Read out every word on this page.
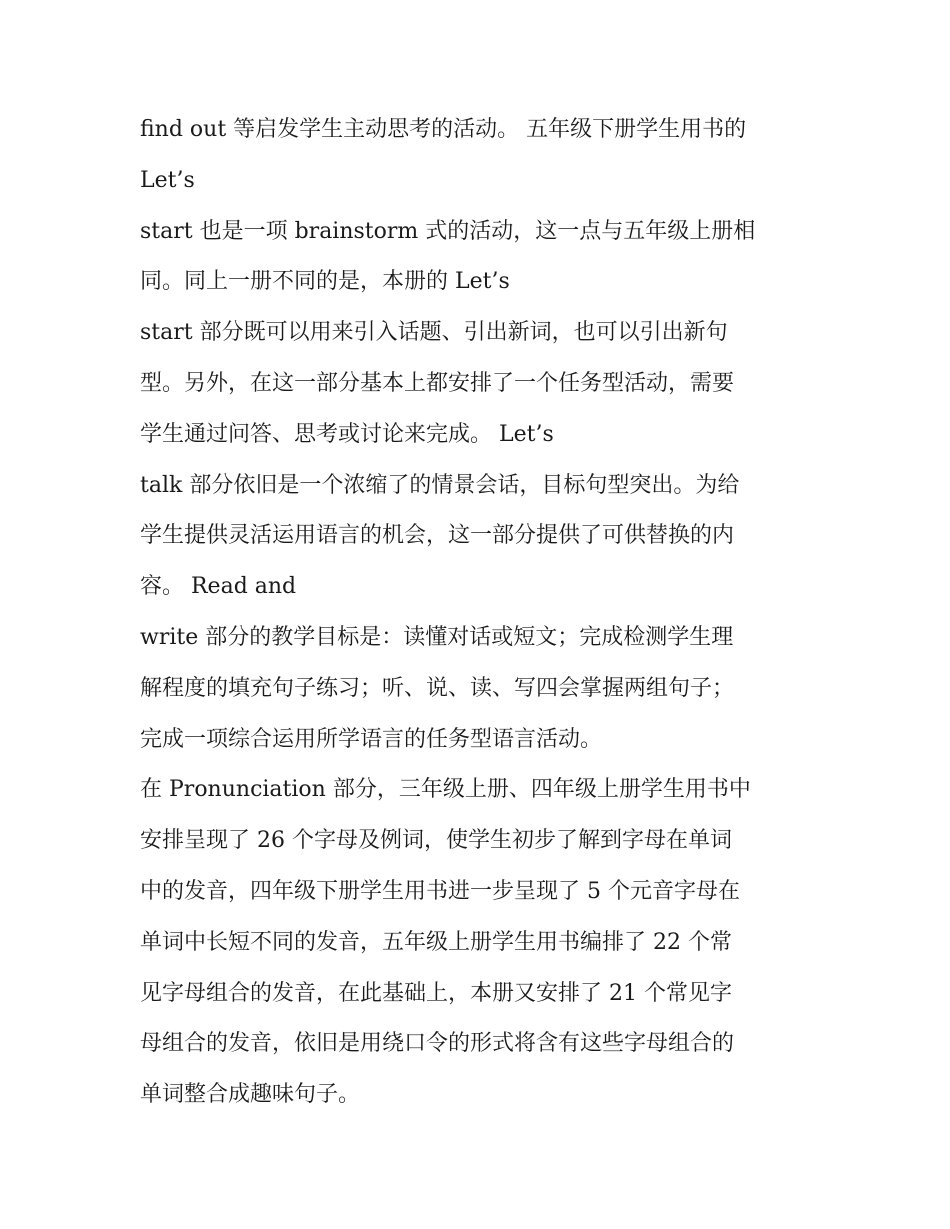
find out 等启发学生主动思考的活动。 五年级下册学生用书的
Let’s
start 也是一项 brainstorm 式的活动，这一点与五年级上册相
同。同上一册不同的是，本册的 Let’s
start 部分既可以用来引入话题、引出新词，也可以引出新句
型。另外，在这一部分基本上都安排了一个任务型活动，需要
学生通过问答、思考或讨论来完成。 Let’s
talk 部分依旧是一个浓缩了的情景会话，目标句型突出。为给
学生提供灵活运用语言的机会，这一部分提供了可供替换的内
容。 Read and
write 部分的教学目标是：读懂对话或短文；完成检测学生理
解程度的填充句子练习；听、说、读、写四会掌握两组句子；
完成一项综合运用所学语言的任务型语言活动。
在 Pronunciation 部分，三年级上册、四年级上册学生用书中
安排呈现了 26 个字母及例词，使学生初步了解到字母在单词
中的发音，四年级下册学生用书进一步呈现了 5 个元音字母在
单词中长短不同的发音，五年级上册学生用书编排了 22 个常
见字母组合的发音，在此基础上，本册又安排了 21 个常见字
母组合的发音，依旧是用绕口令的形式将含有这些字母组合的
单词整合成趣味句子。
